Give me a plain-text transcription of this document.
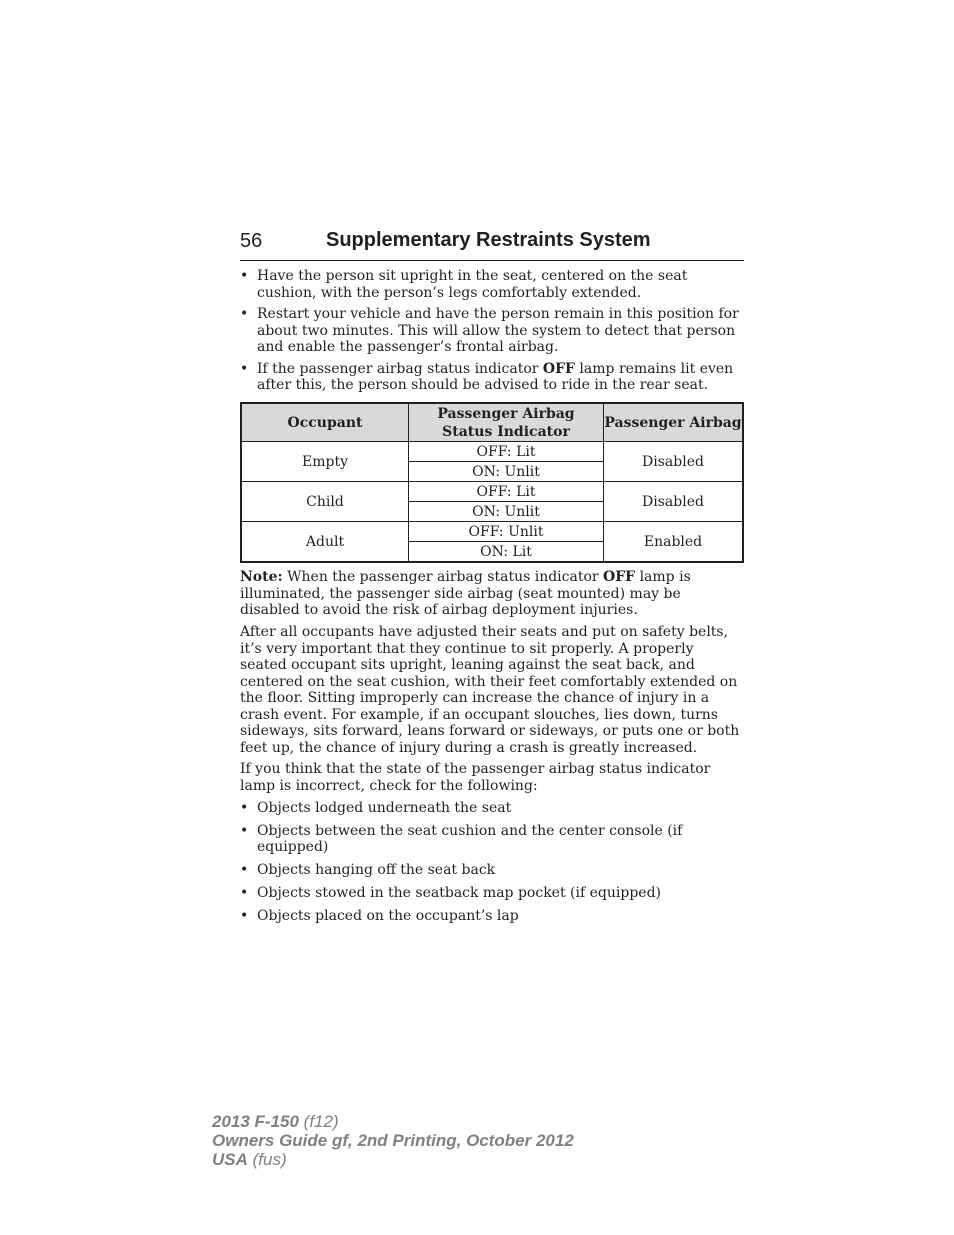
56	Supplementary Restraints System
• Have the person sit upright in the seat, centered on the seat cushion, with the person’s legs comfortably extended.
• Restart your vehicle and have the person remain in this position for about two minutes. This will allow the system to detect that person and enable the passenger’s frontal airbag.
• If the passenger airbag status indicator OFF lamp remains lit even after this, the person should be advised to ride in the rear seat.
Occupant	Passenger Airbag Status Indicator	Passenger Airbag
Empty	OFF: Lit	Disabled
	ON: Unlit	
Child	OFF: Lit	Disabled
	ON: Unlit	
Adult	OFF: Unlit	Enabled
	ON: Lit	

Note: When the passenger airbag status indicator OFF lamp is illuminated, the passenger side airbag (seat mounted) may be disabled to avoid the risk of airbag deployment injuries.

After all occupants have adjusted their seats and put on safety belts, it’s very important that they continue to sit properly. A properly seated occupant sits upright, leaning against the seat back, and centered on the seat cushion, with their feet comfortably extended on the floor. Sitting improperly can increase the chance of injury in a crash event. For example, if an occupant slouches, lies down, turns sideways, sits forward, leans forward or sideways, or puts one or both feet up, the chance of injury during a crash is greatly increased.

If you think that the state of the passenger airbag status indicator lamp is incorrect, check for the following:

• Objects lodged underneath the seat
• Objects between the seat cushion and the center console (if equipped)
• Objects hanging off the seat back
• Objects stowed in the seatback map pocket (if equipped)
• Objects placed on the occupant’s lap
2013 F-150 (f12)
Owners Guide gf, 2nd Printing, October 2012
USA (fus)
